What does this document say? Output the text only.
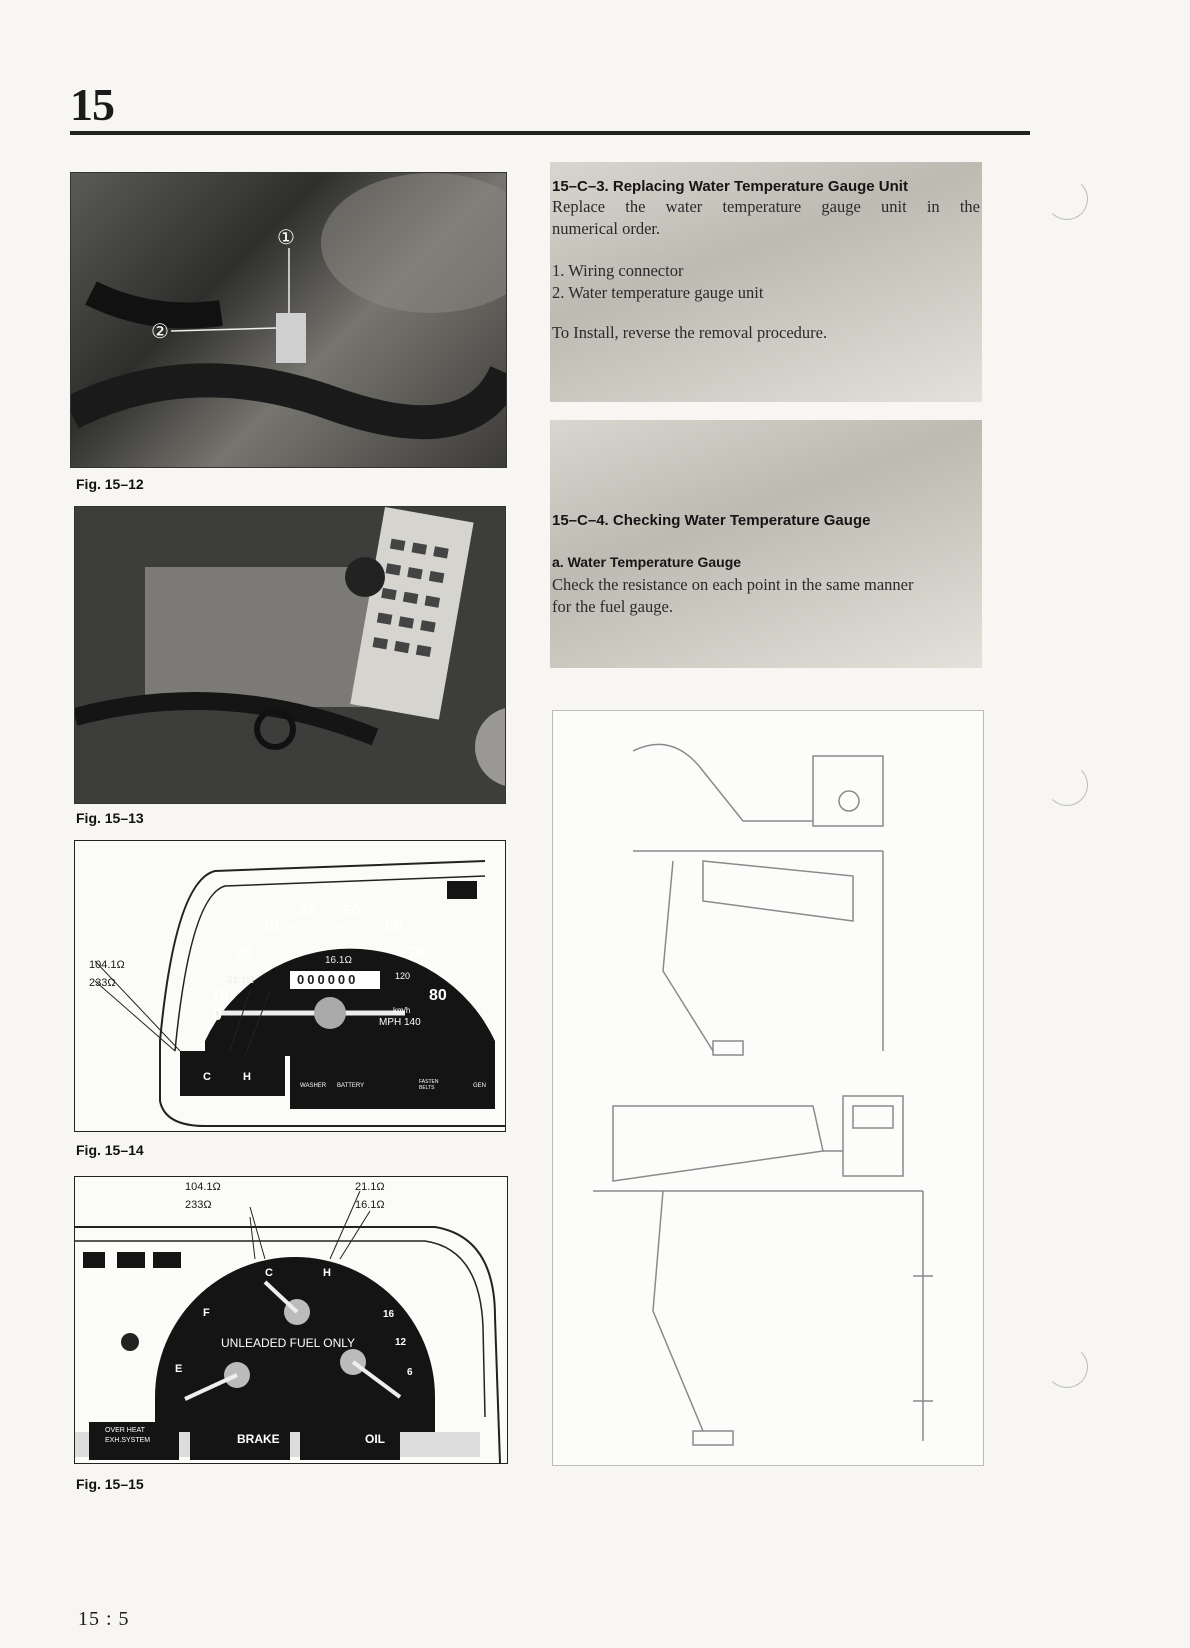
15
①
②
Fig. 15–12
Fig. 15–13
104.1Ω
233Ω	21.1Ω
16.1Ω
10
20
30
40 50
60
70
80
0
40
60	80
100
120
000000
km/h
MPH 140
C	H
WASHER BATTERY
FASTEN BELTS	GEN
Fig. 15–14
104.1Ω
233Ω
21.1Ω
16.1Ω
C	H
F
E
UNLEADED FUEL ONLY
16
12
6
OVER HEAT
EXH.SYSTEM	BRAKE	OIL
Fig. 15–15
15–C–3. Replacing Water Temperature Gauge Unit
Replace the water temperature gauge unit in the
numerical order.
1. Wiring connector
2. Water temperature gauge unit
To Install, reverse the removal procedure.
15–C–4. Checking Water Temperature Gauge
a. Water Temperature Gauge
Check the resistance on each point in the same manner
for the fuel gauge.
15 : 5
